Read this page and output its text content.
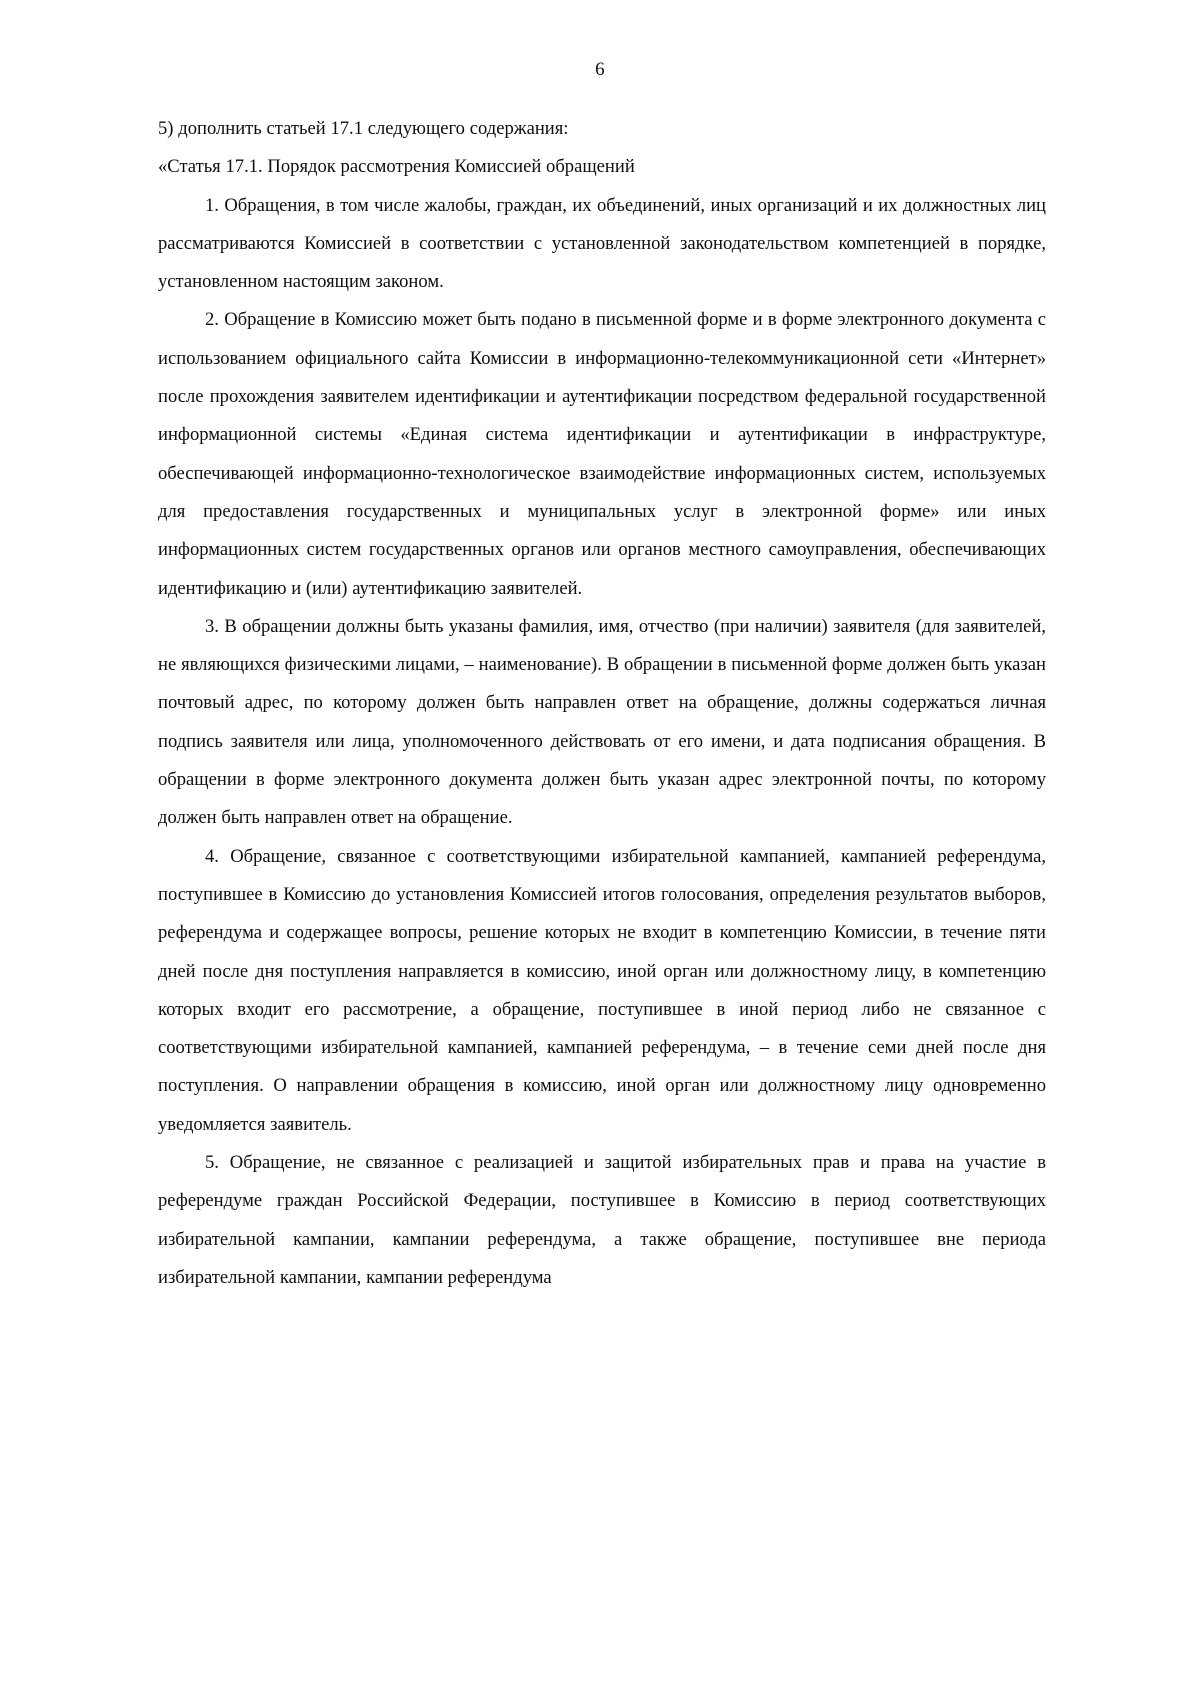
6

5) дополнить статьей 17.1 следующего содержания:

«Статья 17.1. Порядок рассмотрения Комиссией обращений

1. Обращения, в том числе жалобы, граждан, их объединений, иных организаций и их должностных лиц рассматриваются Комиссией в соответствии с установленной законодательством компетенцией в порядке, установленном настоящим законом.

2. Обращение в Комиссию может быть подано в письменной форме и в форме электронного документа с использованием официального сайта Комиссии в информационно-телекоммуникационной сети «Интернет» после прохождения заявителем идентификации и аутентификации посредством федеральной государственной информационной системы «Единая система идентификации и аутентификации в инфраструктуре, обеспечивающей информационно-технологическое взаимодействие информационных систем, используемых для предоставления государственных и муниципальных услуг в электронной форме» или иных информационных систем государственных органов или органов местного самоуправления, обеспечивающих идентификацию и (или) аутентификацию заявителей.

3. В обращении должны быть указаны фамилия, имя, отчество (при наличии) заявителя (для заявителей, не являющихся физическими лицами, – наименование). В обращении в письменной форме должен быть указан почтовый адрес, по которому должен быть направлен ответ на обращение, должны содержаться личная подпись заявителя или лица, уполномоченного действовать от его имени, и дата подписания обращения. В обращении в форме электронного документа должен быть указан адрес электронной почты, по которому должен быть направлен ответ на обращение.

4. Обращение, связанное с соответствующими избирательной кампанией, кампанией референдума, поступившее в Комиссию до установления Комиссией итогов голосования, определения результатов выборов, референдума и содержащее вопросы, решение которых не входит в компетенцию Комиссии, в течение пяти дней после дня поступления направляется в комиссию, иной орган или должностному лицу, в компетенцию которых входит его рассмотрение, а обращение, поступившее в иной период либо не связанное с соответствующими избирательной кампанией, кампанией референдума, – в течение семи дней после дня поступления. О направлении обращения в комиссию, иной орган или должностному лицу одновременно уведомляется заявитель.

5. Обращение, не связанное с реализацией и защитой избирательных прав и права на участие в референдуме граждан Российской Федерации, поступившее в Комиссию в период соответствующих избирательной кампании, кампании референдума, а также обращение, поступившее вне периода избирательной кампании, кампании референдума
